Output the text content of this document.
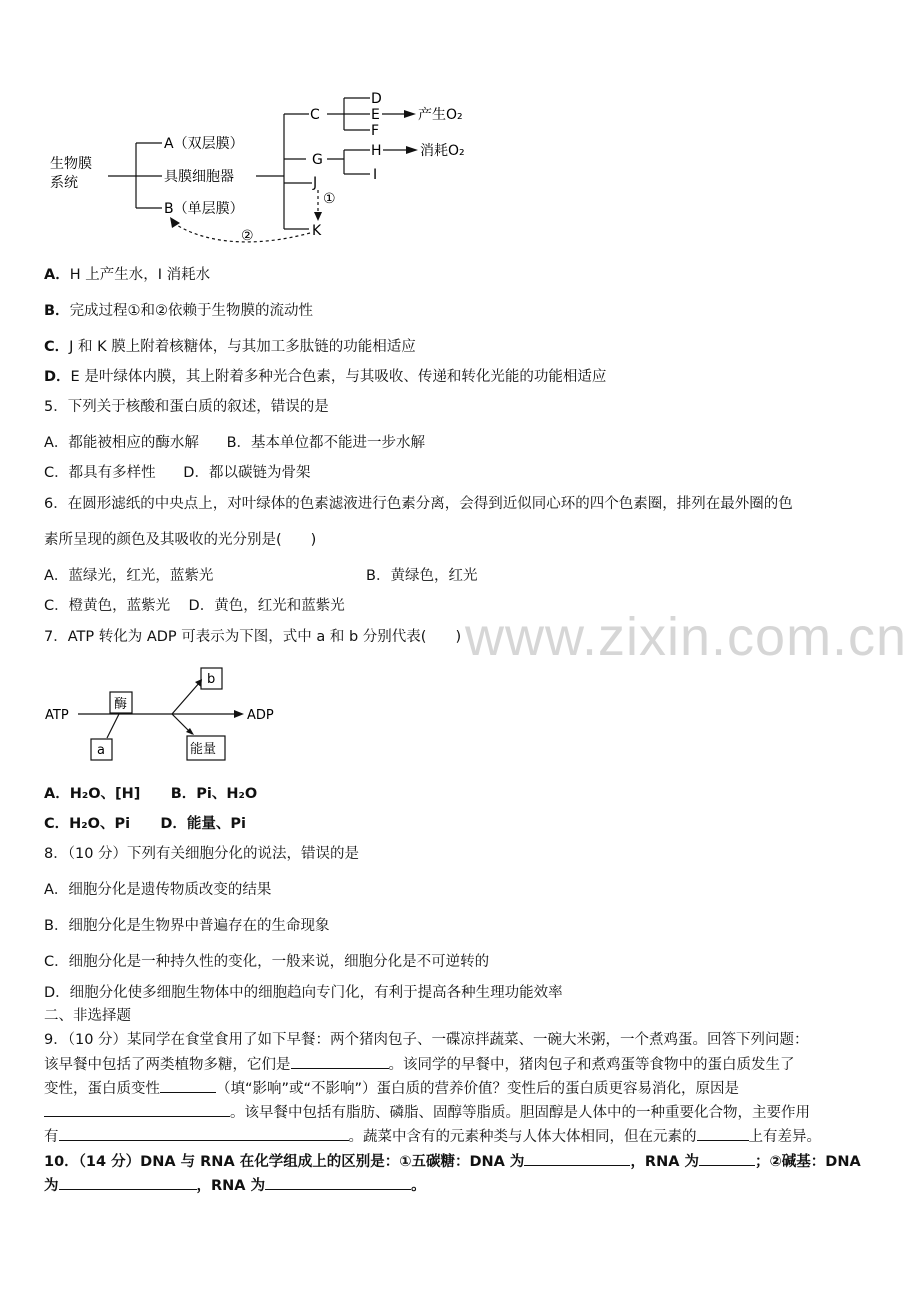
生物膜
系统
A（双层膜）
具膜细胞器
B（单层膜）
C
D
E
F
产生O₂
G
H
I
消耗O₂
J
K
①
②
A．H 上产生水，I 消耗水
B．完成过程①和②依赖于生物膜的流动性
C．J 和 K 膜上附着核糖体，与其加工多肽链的功能相适应
D．E 是叶绿体内膜，其上附着多种光合色素，与其吸收、传递和转化光能的功能相适应
5．下列关于核酸和蛋白质的叙述，错误的是
A．都能被相应的酶水解      B．基本单位都不能进一步水解
C．都具有多样性      D．都以碳链为骨架
6．在圆形滤纸的中央点上，对叶绿体的色素滤液进行色素分离，会得到近似同心环的四个色素圈，排列在最外圈的色
素所呈现的颜色及其吸收的光分别是(　　)
A．蓝绿光，红光，蓝紫光	B．黄绿色，红光
C．橙黄色，蓝紫光    D．黄色，红光和蓝紫光
www.zixin.com.cn
7．ATP 转化为 ADP 可表示为下图，式中 a 和 b 分别代表(　　)
ATP	ADP
酶
a
b
能量
A．H₂O、[H]      B．Pi、H₂O
C．H₂O、Pi      D．能量、Pi
8．（10 分）下列有关细胞分化的说法，错误的是
A．细胞分化是遗传物质改变的结果
B．细胞分化是生物界中普遍存在的生命现象
C．细胞分化是一种持久性的变化，一般来说，细胞分化是不可逆转的
D．细胞分化使多细胞生物体中的细胞趋向专门化，有利于提高各种生理功能效率
二、非选择题
9．（10 分）某同学在食堂食用了如下早餐：两个猪肉包子、一碟凉拌蔬菜、一碗大米粥，一个煮鸡蛋。回答下列问题：
该早餐中包括了两类植物多糖，它们是	。该同学的早餐中，猪肉包子和煮鸡蛋等食物中的蛋白质发生了
变性，蛋白质变性	（填“影响”或“不影响”）蛋白质的营养价值？变性后的蛋白质更容易消化，原因是
。该早餐中包括有脂肪、磷脂、固醇等脂质。胆固醇是人体中的一种重要化合物，主要作用
有	。蔬菜中含有的元素种类与人体大体相同，但在元素的	上有差异。
10．（14 分）DNA 与 RNA 在化学组成上的区别是：①五碳糖：DNA 为	，RNA 为	；②碱基：DNA
为	，RNA 为	。
